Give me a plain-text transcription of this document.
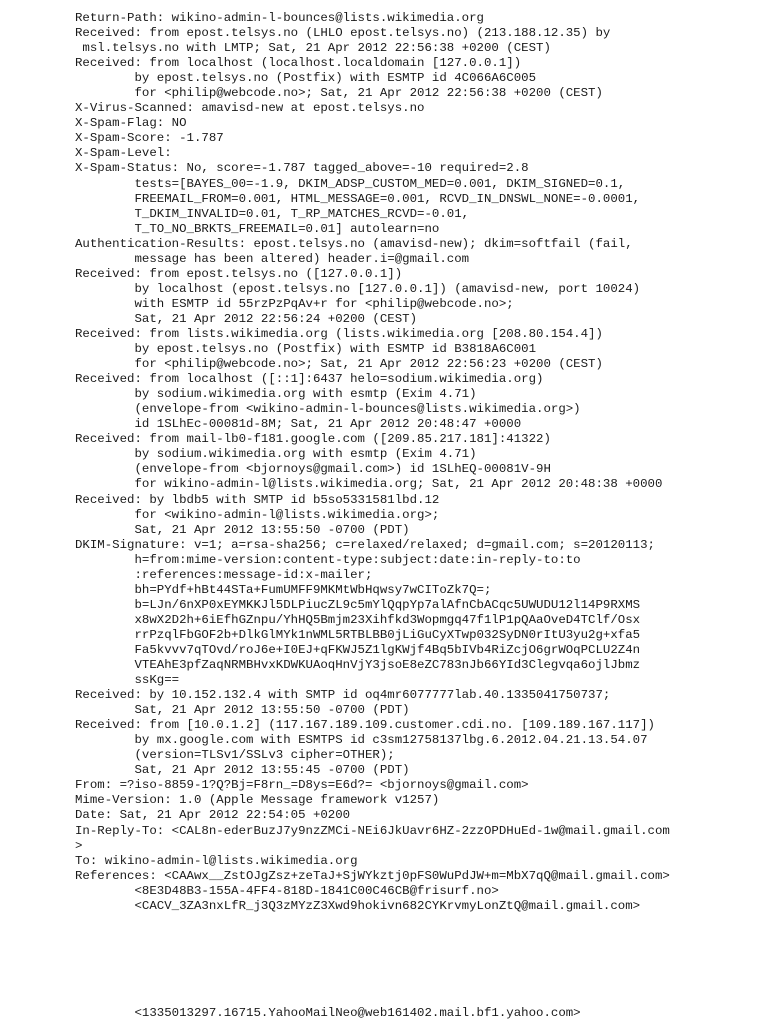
Return-Path: wikino-admin-l-bounces@lists.wikimedia.org
Received: from epost.telsys.no (LHLO epost.telsys.no) (213.188.12.35) by
msl.telsys.no with LMTP; Sat, 21 Apr 2012 22:56:38 +0200 (CEST)
Received: from localhost (localhost.localdomain [127.0.0.1])
by epost.telsys.no (Postfix) with ESMTP id 4C066A6C005
for <philip@webcode.no>; Sat, 21 Apr 2012 22:56:38 +0200 (CEST)
X-Virus-Scanned: amavisd-new at epost.telsys.no
X-Spam-Flag: NO
X-Spam-Score: -1.787
X-Spam-Level:
X-Spam-Status: No, score=-1.787 tagged_above=-10 required=2.8
tests=[BAYES_00=-1.9, DKIM_ADSP_CUSTOM_MED=0.001, DKIM_SIGNED=0.1,
FREEMAIL_FROM=0.001, HTML_MESSAGE=0.001, RCVD_IN_DNSWL_NONE=-0.0001,
T_DKIM_INVALID=0.01, T_RP_MATCHES_RCVD=-0.01,
T_TO_NO_BRKTS_FREEMAIL=0.01] autolearn=no
Authentication-Results: epost.telsys.no (amavisd-new); dkim=softfail (fail,
message has been altered) header.i=@gmail.com
Received: from epost.telsys.no ([127.0.0.1])
by localhost (epost.telsys.no [127.0.0.1]) (amavisd-new, port 10024)
with ESMTP id 55rzPzPqAv+r for <philip@webcode.no>;
Sat, 21 Apr 2012 22:56:24 +0200 (CEST)
Received: from lists.wikimedia.org (lists.wikimedia.org [208.80.154.4])
by epost.telsys.no (Postfix) with ESMTP id B3818A6C001
for <philip@webcode.no>; Sat, 21 Apr 2012 22:56:23 +0200 (CEST)
Received: from localhost ([::1]:6437 helo=sodium.wikimedia.org)
by sodium.wikimedia.org with esmtp (Exim 4.71)
(envelope-from <wikino-admin-l-bounces@lists.wikimedia.org>)
id 1SLhEc-00081d-8M; Sat, 21 Apr 2012 20:48:47 +0000
Received: from mail-lb0-f181.google.com ([209.85.217.181]:41322)
by sodium.wikimedia.org with esmtp (Exim 4.71)
(envelope-from <bjornoys@gmail.com>) id 1SLhEQ-00081V-9H
for wikino-admin-l@lists.wikimedia.org; Sat, 21 Apr 2012 20:48:38 +0000
Received: by lbdb5 with SMTP id b5so5331581lbd.12
for <wikino-admin-l@lists.wikimedia.org>;
Sat, 21 Apr 2012 13:55:50 -0700 (PDT)
DKIM-Signature: v=1; a=rsa-sha256; c=relaxed/relaxed; d=gmail.com; s=20120113;
h=from:mime-version:content-type:subject:date:in-reply-to:to
:references:message-id:x-mailer;
bh=PYdf+hBt44STa+FumUMFF9MKMtWbHqwsy7wCIToZk7Q=;
b=LJn/6nXP0xEYMKKJl5DLPiucZL9c5mYlQqpYp7alAfnCbACqc5UWUDU12l14P9RXMS
x8wX2D2h+6iEfhGZnpu/YhHQ5Bmjm23Xihfkd3Wopmgq47f1lP1pQAaOveD4TClf/Osx
rrPzqlFbGOF2b+DlkGlMYk1nWML5RTBLBB0jLiGuCyXTwp032SyDN0rItU3yu2g+xfa5
Fa5kvvv7qTOvd/roJ6e+I0EJ+qFKWJ5Z1lgKWjf4Bq5bIVb4RiZcjO6grWOqPCLU2Z4n
VTEAhE3pfZaqNRMBHvxKDWKUAoqHnVjY3jsoE8eZC783nJb66YId3Clegvqa6ojlJbmz
ssKg==
Received: by 10.152.132.4 with SMTP id oq4mr6077777lab.40.1335041750737;
Sat, 21 Apr 2012 13:55:50 -0700 (PDT)
Received: from [10.0.1.2] (117.167.189.109.customer.cdi.no. [109.189.167.117])
by mx.google.com with ESMTPS id c3sm12758137lbg.6.2012.04.21.13.54.07
(version=TLSv1/SSLv3 cipher=OTHER);
Sat, 21 Apr 2012 13:55:45 -0700 (PDT)
From: =?iso-8859-1?Q?Bj=F8rn_=D8ys=E6d?= <bjornoys@gmail.com>
Mime-Version: 1.0 (Apple Message framework v1257)
Date: Sat, 21 Apr 2012 22:54:05 +0200
In-Reply-To: <CAL8n-ederBuzJ7y9nzZMCi-NEi6JkUavr6HZ-2zzOPDHuEd-1w@mail.gmail.com
>
To: wikino-admin-l@lists.wikimedia.org
References: <CAAwx__ZstOJgZsz+zeTaJ+SjWYkztj0pFS0WuPdJW+m=MbX7qQ@mail.gmail.com>
<8E3D48B3-155A-4FF4-818D-1841C00C46CB@frisurf.no>
<CACV_3ZA3nxLfR_j3Q3zMYzZ3Xwd9hokivn682CYKrvmyLonZtQ@mail.gmail.com>
<1335013297.16715.YahooMailNeo@web161402.mail.bf1.yahoo.com>
